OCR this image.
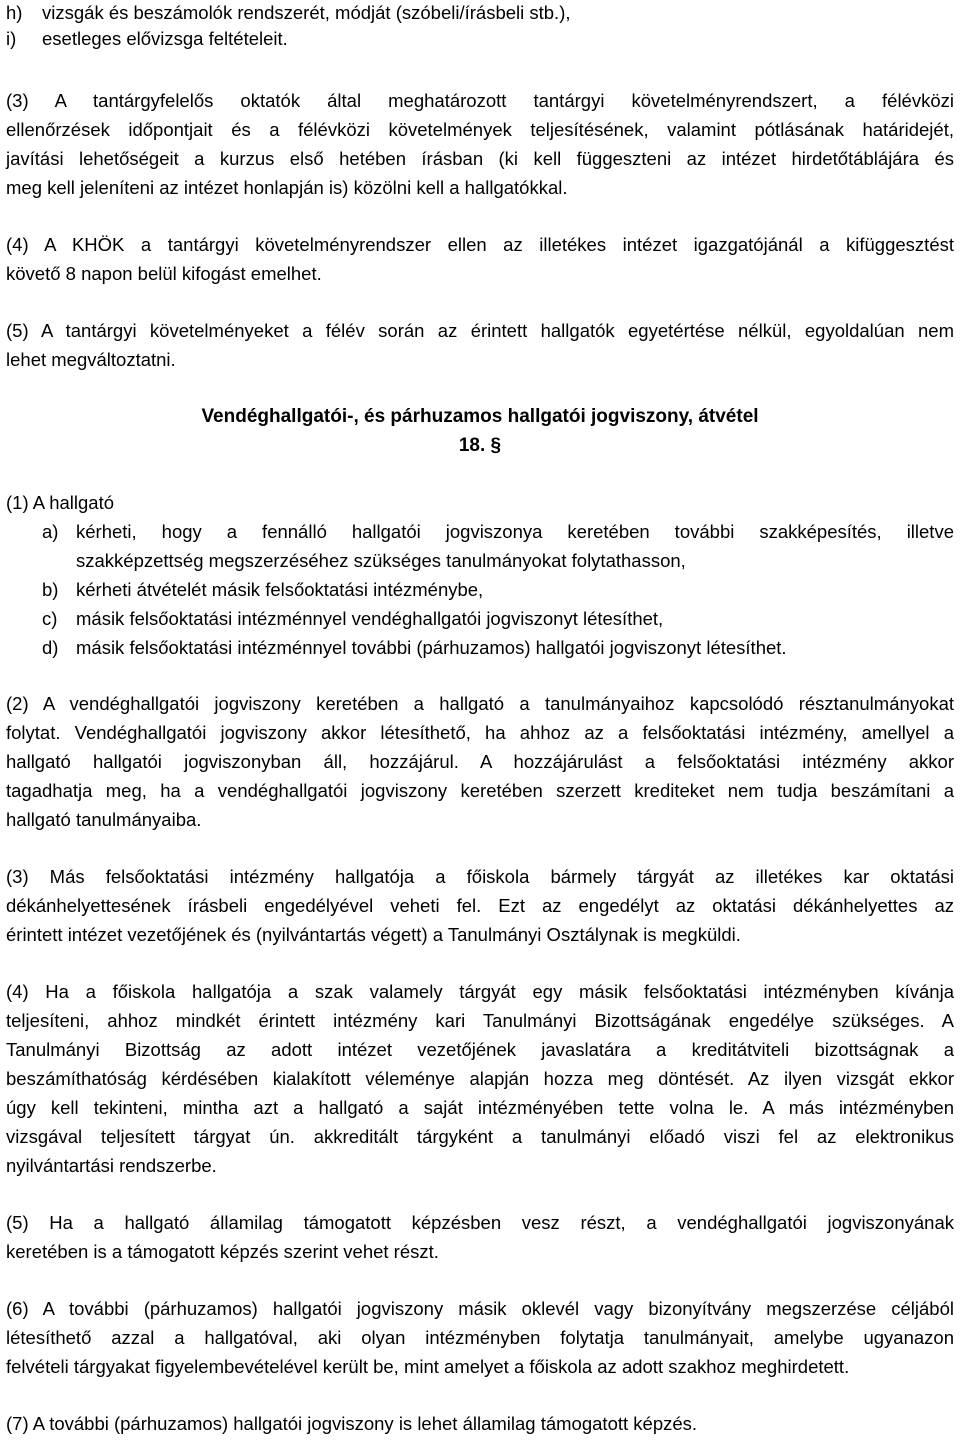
h) vizsgák és beszámolók rendszerét, módját (szóbeli/írásbeli stb.),
i) esetleges elővizsga feltételeit.
(3) A tantárgyfelelős oktatók által meghatározott tantárgyi követelményrendszert, a félévközi
ellenőrzések időpontjait és a félévközi követelmények teljesítésének, valamint pótlásának határidejét,
javítási lehetőségeit a kurzus első hetében írásban (ki kell függeszteni az intézet hirdetőtáblájára és
meg kell jeleníteni az intézet honlapján is) közölni kell a hallgatókkal.
(4) A KHÖK a tantárgyi követelményrendszer ellen az illetékes intézet igazgatójánál a kifüggesztést
követő 8 napon belül kifogást emelhet.
(5) A tantárgyi követelményeket a félév során az érintett hallgatók egyetértése nélkül, egyoldalúan nem
lehet megváltoztatni.
Vendéghallgatói-, és párhuzamos hallgatói jogviszony, átvétel
18. §
(1) A hallgató
a) kérheti, hogy a fennálló hallgatói jogviszonya keretében további szakképesítés, illetve
szakképzettség megszerzéséhez szükséges tanulmányokat folytathasson,
b) kérheti átvételét másik felsőoktatási intézménybe,
c) másik felsőoktatási intézménnyel vendéghallgatói jogviszonyt létesíthet,
d) másik felsőoktatási intézménnyel további (párhuzamos) hallgatói jogviszonyt létesíthet.
(2) A vendéghallgatói jogviszony keretében a hallgató a tanulmányaihoz kapcsolódó résztanulmányokat
folytat. Vendéghallgatói jogviszony akkor létesíthető, ha ahhoz az a felsőoktatási intézmény, amellyel a
hallgató hallgatói jogviszonyban áll, hozzájárul. A hozzájárulást a felsőoktatási intézmény akkor
tagadhatja meg, ha a vendéghallgatói jogviszony keretében szerzett krediteket nem tudja beszámítani a
hallgató tanulmányaiba.
(3) Más felsőoktatási intézmény hallgatója a főiskola bármely tárgyát az illetékes kar oktatási
dékánhelyettesének írásbeli engedélyével veheti fel. Ezt az engedélyt az oktatási dékánhelyettes az
érintett intézet vezetőjének és (nyilvántartás végett) a Tanulmányi Osztálynak is megküldi.
(4) Ha a főiskola hallgatója a szak valamely tárgyát egy másik felsőoktatási intézményben kívánja
teljesíteni, ahhoz mindkét érintett intézmény kari Tanulmányi Bizottságának engedélye szükséges. A
Tanulmányi Bizottság az adott intézet vezetőjének javaslatára a kreditátviteli bizottságnak a
beszámíthatóság kérdésében kialakított véleménye alapján hozza meg döntését. Az ilyen vizsgát ekkor
úgy kell tekinteni, mintha azt a hallgató a saját intézményében tette volna le. A más intézményben
vizsgával teljesített tárgyat ún. akkreditált tárgyként a tanulmányi előadó viszi fel az elektronikus
nyilvántartási rendszerbe.
(5) Ha a hallgató államilag támogatott képzésben vesz részt, a vendéghallgatói jogviszonyának
keretében is a támogatott képzés szerint vehet részt.
(6) A további (párhuzamos) hallgatói jogviszony másik oklevél vagy bizonyítvány megszerzése céljából
létesíthető azzal a hallgatóval, aki olyan intézményben folytatja tanulmányait, amelybe ugyanazon
felvételi tárgyakat figyelembevételével került be, mint amelyet a főiskola az adott szakhoz meghirdetett.
(7) A további (párhuzamos) hallgatói jogviszony is lehet államilag támogatott képzés.
